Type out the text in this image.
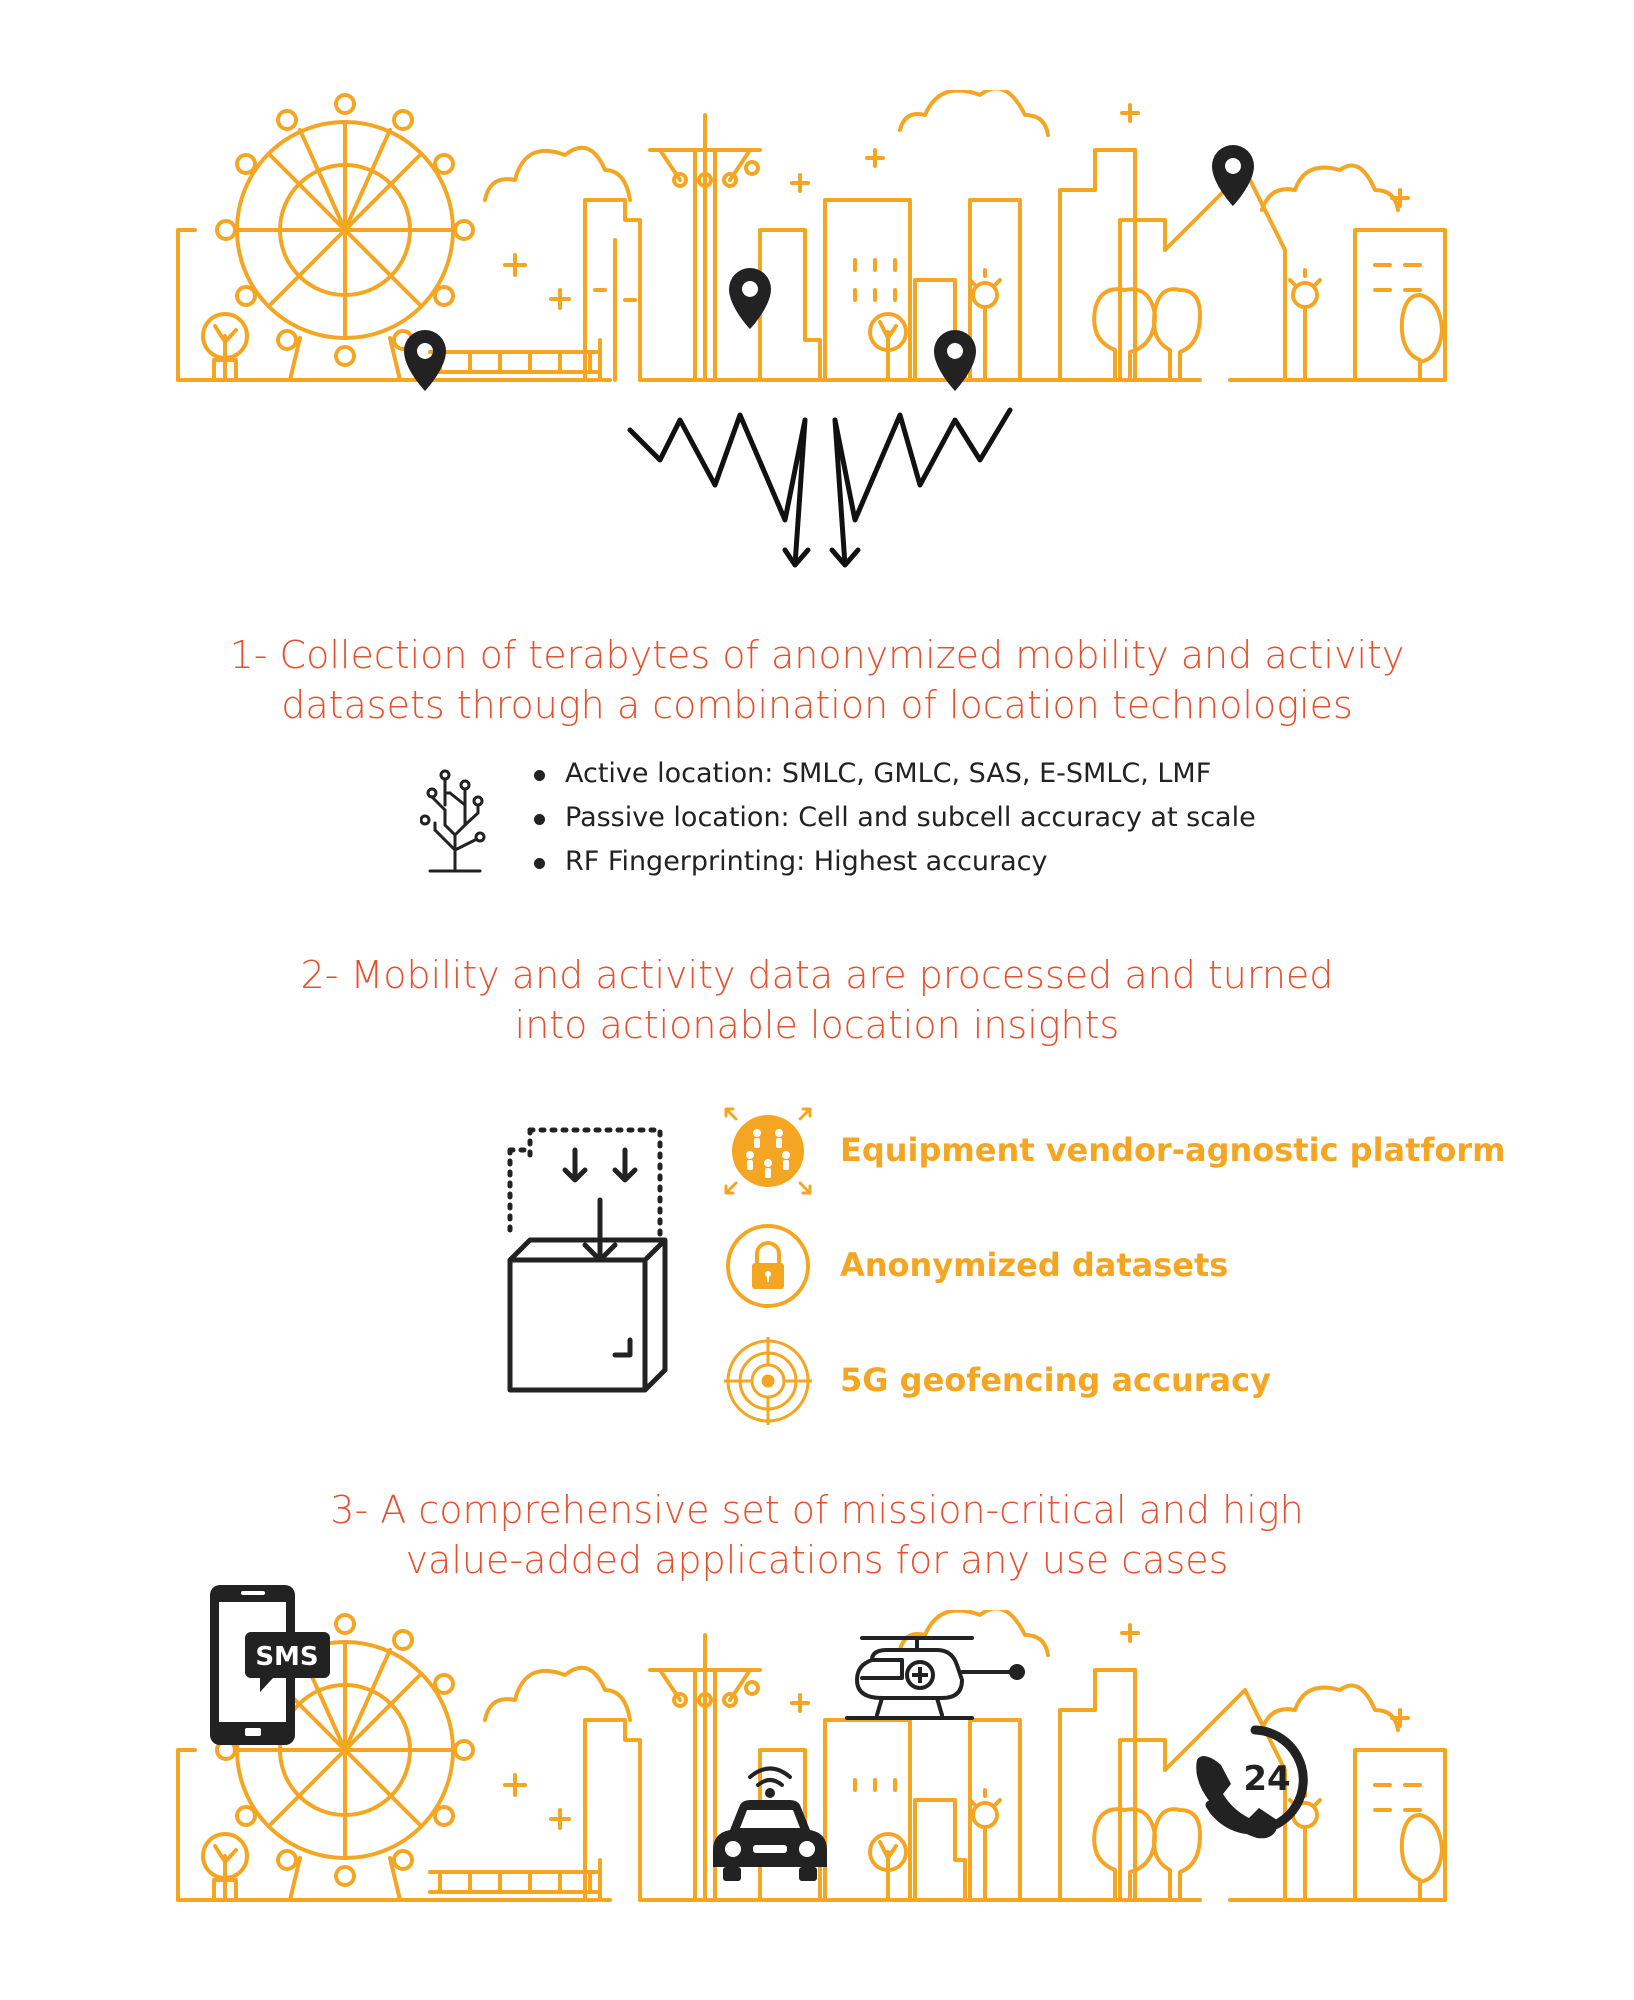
1- Collection of terabytes of anonymized mobility and activity
datasets through a combination of location technologies
Active location: SMLC, GMLC, SAS, E-SMLC, LMF
Passive location: Cell and subcell accuracy at scale
RF Fingerprinting: Highest accuracy
2- Mobility and activity data are processed and turned
into actionable location insights
Equipment vendor-agnostic platform
Anonymized datasets
5G geofencing accuracy
3- A comprehensive set of mission-critical and high
value-added applications for any use cases
SMS
24
